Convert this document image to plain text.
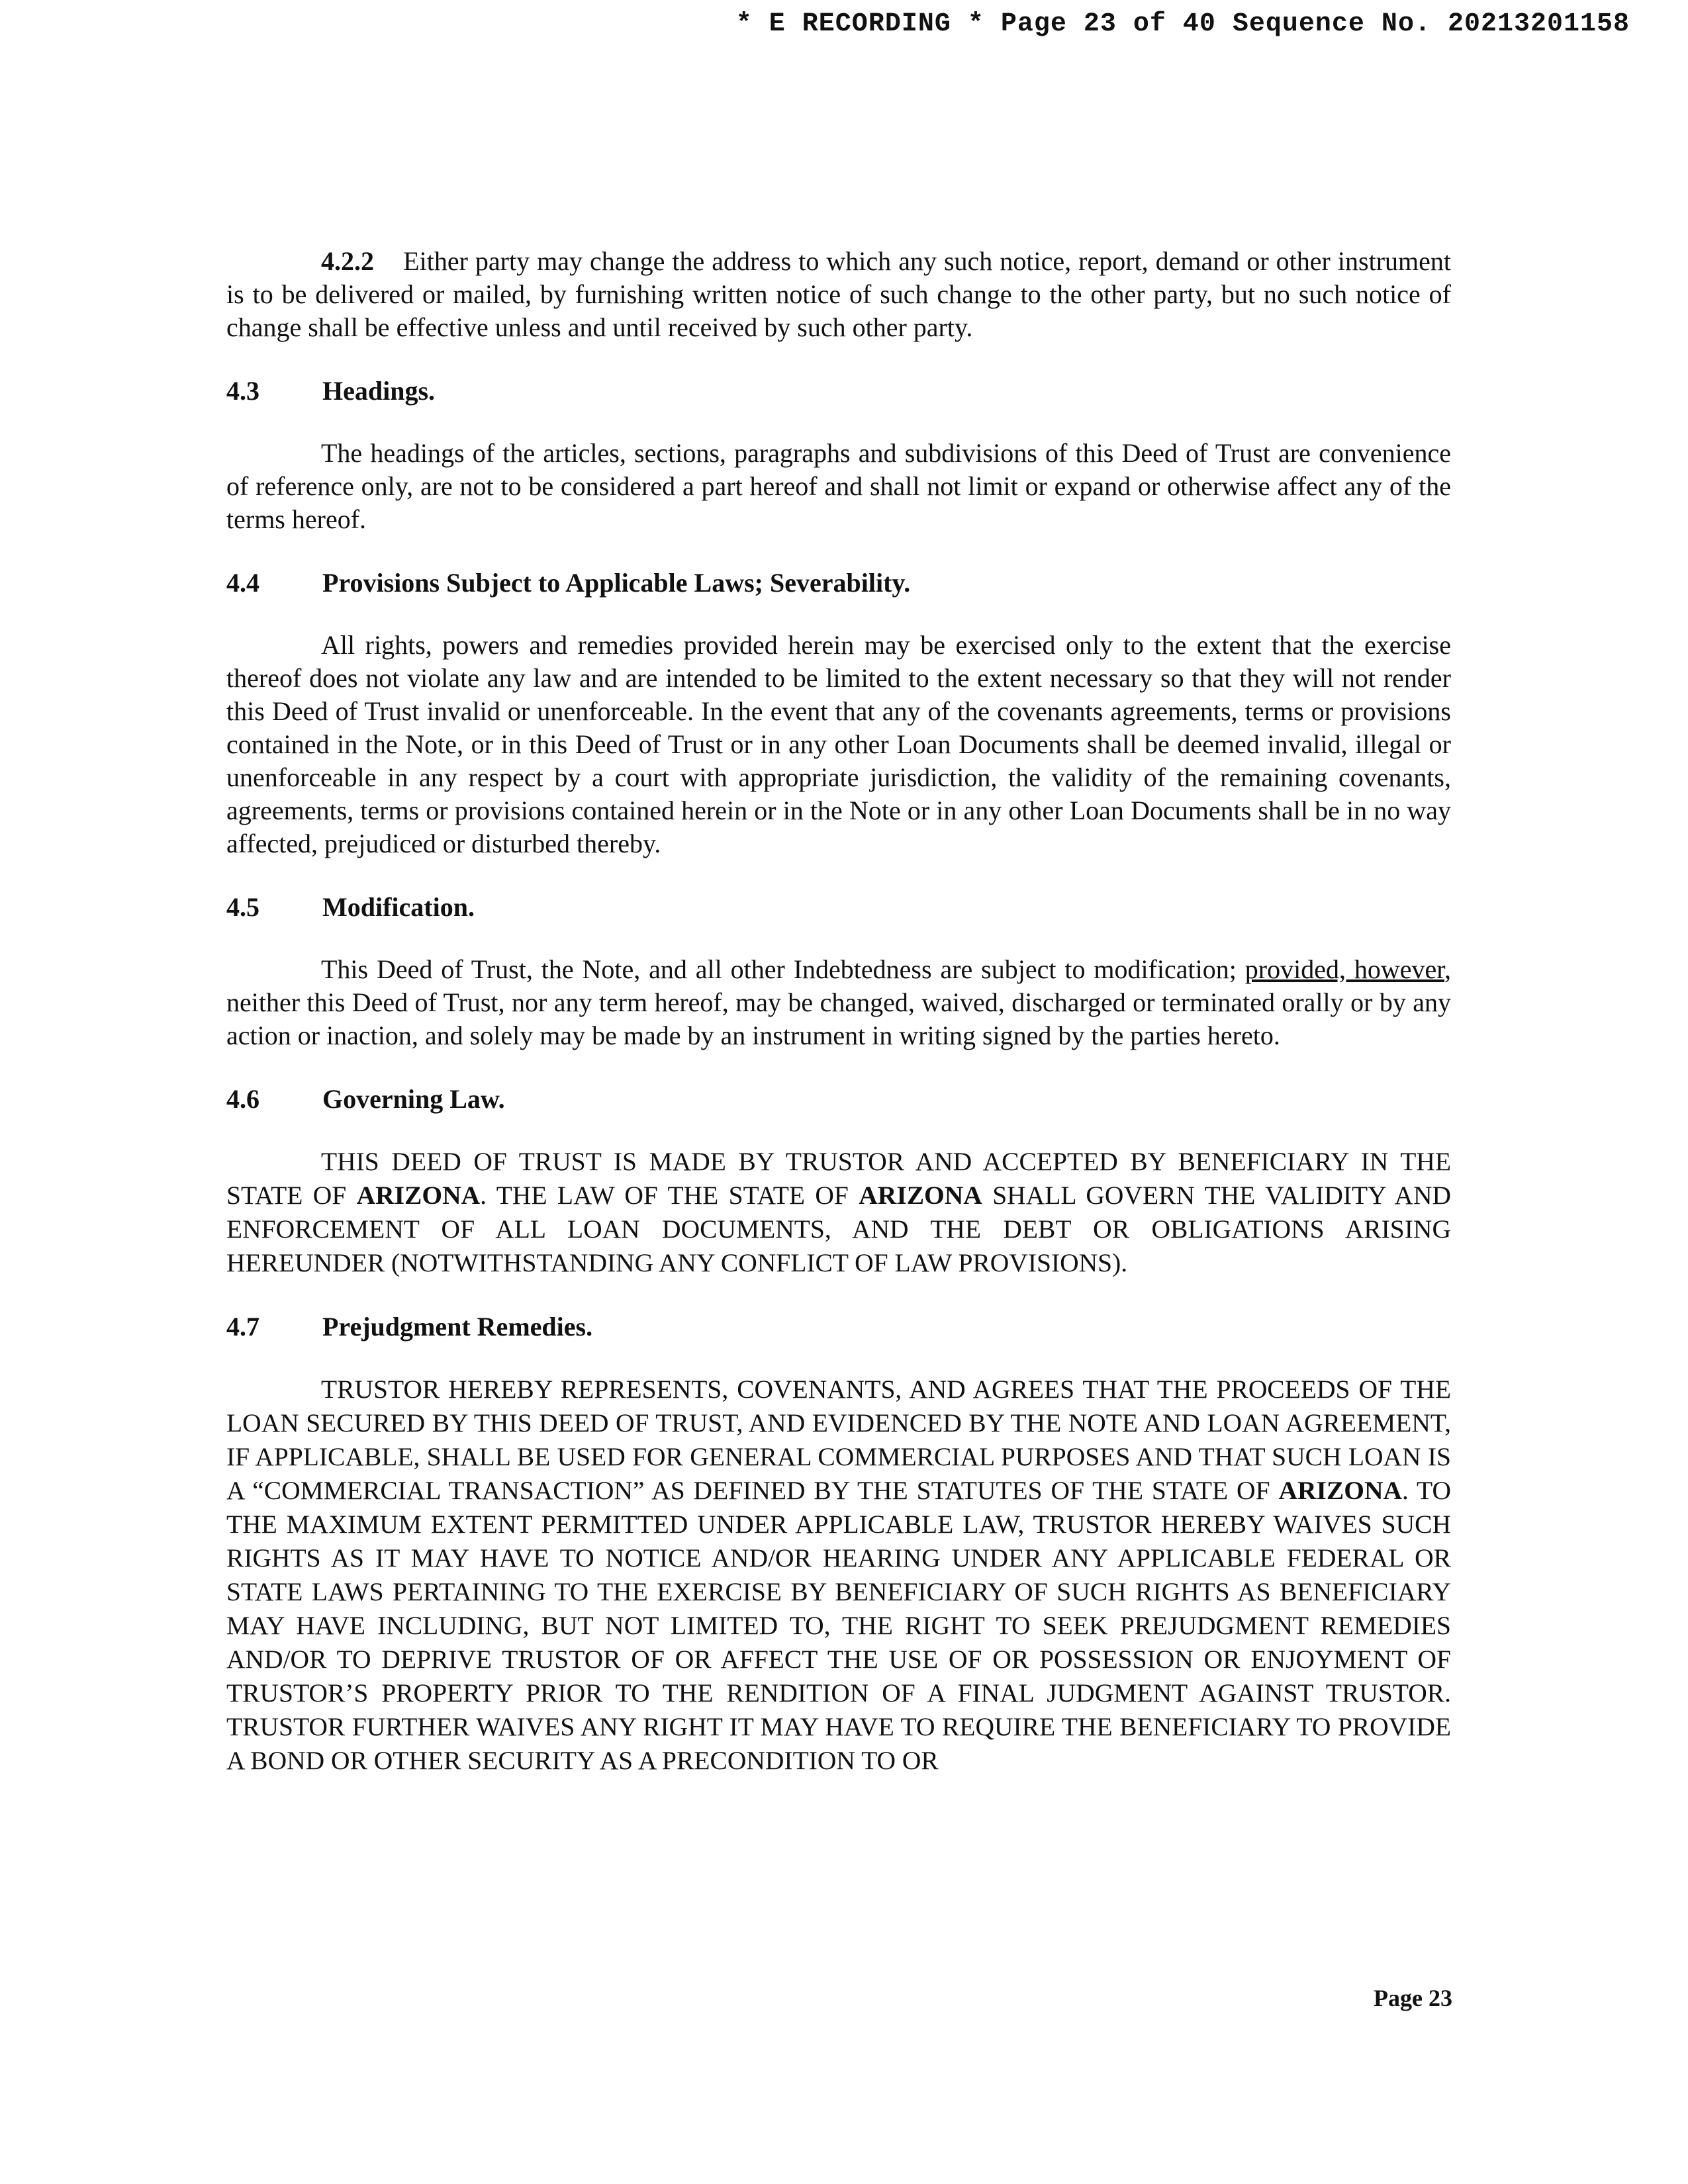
* E RECORDING * Page 23 of 40 Sequence No. 20213201158

4.2.2 Either party may change the address to which any such notice, report, demand or other instrument is to be delivered or mailed, by furnishing written notice of such change to the other party, but no such notice of change shall be effective unless and until received by such other party.

4.3 Headings.

The headings of the articles, sections, paragraphs and subdivisions of this Deed of Trust are convenience of reference only, are not to be considered a part hereof and shall not limit or expand or otherwise affect any of the terms hereof.

4.4 Provisions Subject to Applicable Laws; Severability.

All rights, powers and remedies provided herein may be exercised only to the extent that the exercise thereof does not violate any law and are intended to be limited to the extent necessary so that they will not render this Deed of Trust invalid or unenforceable. In the event that any of the covenants agreements, terms or provisions contained in the Note, or in this Deed of Trust or in any other Loan Documents shall be deemed invalid, illegal or unenforceable in any respect by a court with appropriate jurisdiction, the validity of the remaining covenants, agreements, terms or provisions contained herein or in the Note or in any other Loan Documents shall be in no way affected, prejudiced or disturbed thereby.

4.5 Modification.

This Deed of Trust, the Note, and all other Indebtedness are subject to modification; provided, however, neither this Deed of Trust, nor any term hereof, may be changed, waived, discharged or terminated orally or by any action or inaction, and solely may be made by an instrument in writing signed by the parties hereto.

4.6 Governing Law.

THIS DEED OF TRUST IS MADE BY TRUSTOR AND ACCEPTED BY BENEFICIARY IN THE STATE OF ARIZONA. THE LAW OF THE STATE OF ARIZONA SHALL GOVERN THE VALIDITY AND ENFORCEMENT OF ALL LOAN DOCUMENTS, AND THE DEBT OR OBLIGATIONS ARISING HEREUNDER (NOTWITHSTANDING ANY CONFLICT OF LAW PROVISIONS).

4.7 Prejudgment Remedies.

TRUSTOR HEREBY REPRESENTS, COVENANTS, AND AGREES THAT THE PROCEEDS OF THE LOAN SECURED BY THIS DEED OF TRUST, AND EVIDENCED BY THE NOTE AND LOAN AGREEMENT, IF APPLICABLE, SHALL BE USED FOR GENERAL COMMERCIAL PURPOSES AND THAT SUCH LOAN IS A “COMMERCIAL TRANSACTION” AS DEFINED BY THE STATUTES OF THE STATE OF ARIZONA. TO THE MAXIMUM EXTENT PERMITTED UNDER APPLICABLE LAW, TRUSTOR HEREBY WAIVES SUCH RIGHTS AS IT MAY HAVE TO NOTICE AND/OR HEARING UNDER ANY APPLICABLE FEDERAL OR STATE LAWS PERTAINING TO THE EXERCISE BY BENEFICIARY OF SUCH RIGHTS AS BENEFICIARY MAY HAVE INCLUDING, BUT NOT LIMITED TO, THE RIGHT TO SEEK PREJUDGMENT REMEDIES AND/OR TO DEPRIVE TRUSTOR OF OR AFFECT THE USE OF OR POSSESSION OR ENJOYMENT OF TRUSTOR’S PROPERTY PRIOR TO THE RENDITION OF A FINAL JUDGMENT AGAINST TRUSTOR. TRUSTOR FURTHER WAIVES ANY RIGHT IT MAY HAVE TO REQUIRE THE BENEFICIARY TO PROVIDE A BOND OR OTHER SECURITY AS A PRECONDITION TO OR

Page 23
